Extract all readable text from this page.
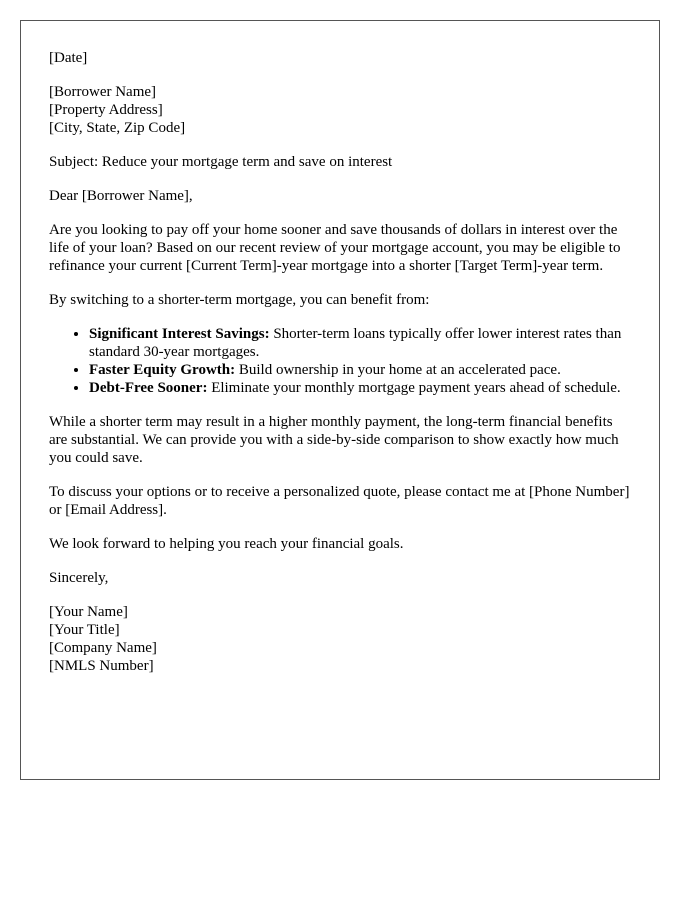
[Date]

[Borrower Name]
[Property Address]
[City, State, Zip Code]

Subject: Reduce your mortgage term and save on interest

Dear [Borrower Name],

Are you looking to pay off your home sooner and save thousands of dollars in interest over the life of your loan? Based on our recent review of your mortgage account, you may be eligible to refinance your current [Current Term]-year mortgage into a shorter [Target Term]-year term.

By switching to a shorter-term mortgage, you can benefit from:

• Significant Interest Savings: Shorter-term loans typically offer lower interest rates than standard 30-year mortgages.
• Faster Equity Growth: Build ownership in your home at an accelerated pace.
• Debt-Free Sooner: Eliminate your monthly mortgage payment years ahead of schedule.

While a shorter term may result in a higher monthly payment, the long-term financial benefits are substantial. We can provide you with a side-by-side comparison to show exactly how much you could save.

To discuss your options or to receive a personalized quote, please contact me at [Phone Number] or [Email Address].

We look forward to helping you reach your financial goals.

Sincerely,

[Your Name]
[Your Title]
[Company Name]
[NMLS Number]
